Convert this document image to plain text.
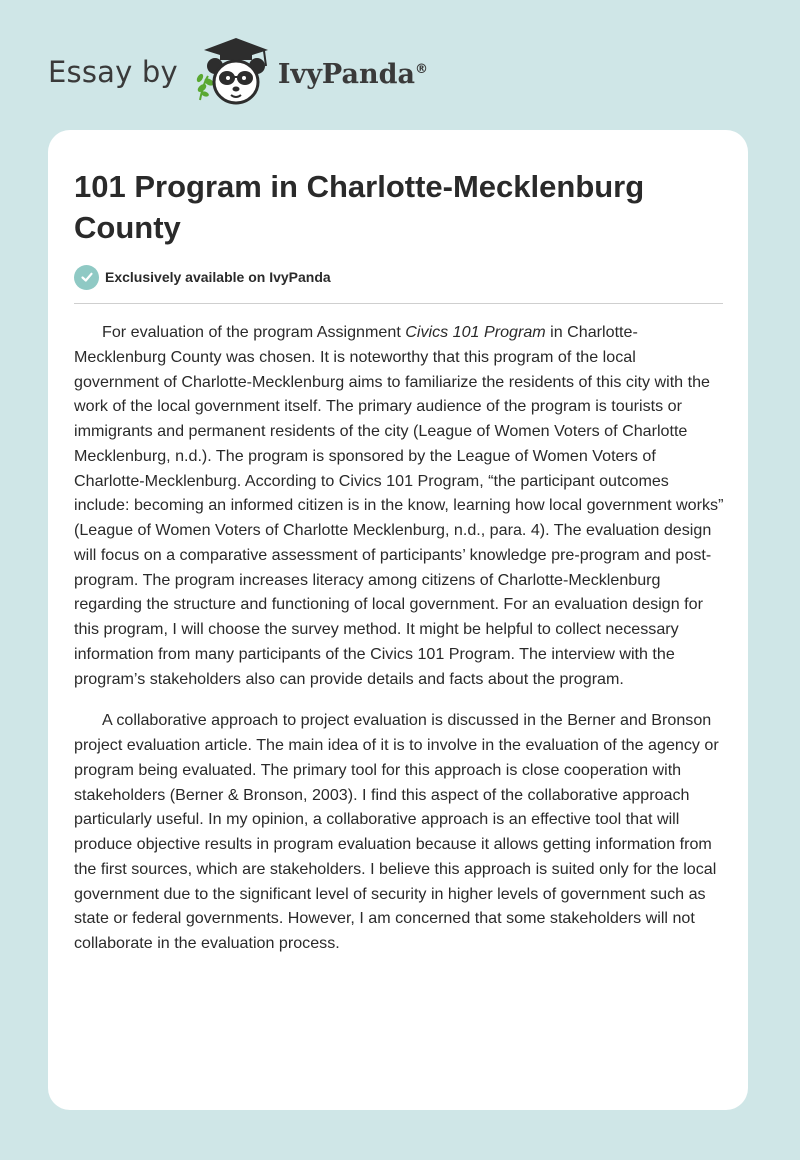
Essay by	IvyPanda®
101 Program in Charlotte-Mecklenburg County
Exclusively available on IvyPanda

For evaluation of the program Assignment Civics 101 Program in Charlotte-Mecklenburg County was chosen. It is noteworthy that this program of the local government of Charlotte-Mecklenburg aims to familiarize the residents of this city with the work of the local government itself. The primary audience of the program is tourists or immigrants and permanent residents of the city (League of Women Voters of Charlotte Mecklenburg, n.d.). The program is sponsored by the League of Women Voters of Charlotte-Mecklenburg. According to Civics 101 Program, “the participant outcomes include: becoming an informed citizen is in the know, learning how local government works” (League of Women Voters of Charlotte Mecklenburg, n.d., para. 4). The evaluation design will focus on a comparative assessment of participants’ knowledge pre-program and post-program. The program increases literacy among citizens of Charlotte-Mecklenburg regarding the structure and functioning of local government. For an evaluation design for this program, I will choose the survey method. It might be helpful to collect necessary information from many participants of the Civics 101 Program. The interview with the program’s stakeholders also can provide details and facts about the program.

A collaborative approach to project evaluation is discussed in the Berner and Bronson project evaluation article. The main idea of it is to involve in the evaluation of the agency or program being evaluated. The primary tool for this approach is close cooperation with stakeholders (Berner & Bronson, 2003). I find this aspect of the collaborative approach particularly useful. In my opinion, a collaborative approach is an effective tool that will produce objective results in program evaluation because it allows getting information from the first sources, which are stakeholders. I believe this approach is suited only for the local government due to the significant level of security in higher levels of government such as state or federal governments. However, I am concerned that some stakeholders will not collaborate in the evaluation process.
